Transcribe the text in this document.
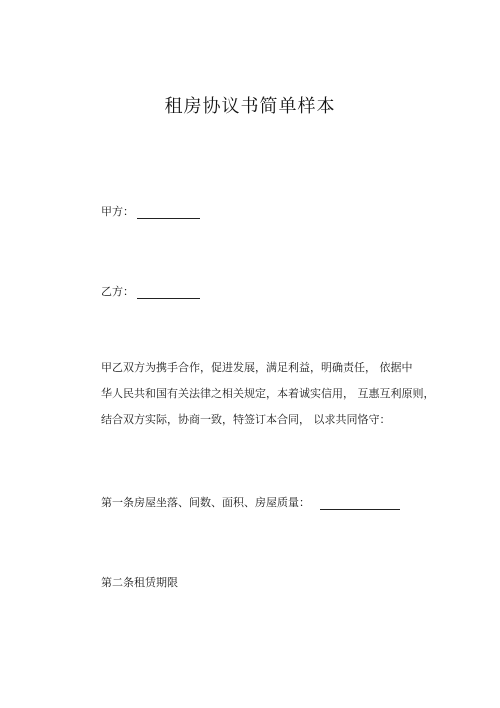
租房协议书简单样本
甲方：
乙方：
甲乙双方为携手合作，促进发展，满足利益，明确责任， 依据中
华人民共和国有关法律之相关规定，本着诚实信用， 互惠互利原则，
结合双方实际，协商一致，特签订本合同， 以求共同恪守：
第一条房屋坐落、间数、面积、房屋质量：
第二条租赁期限
